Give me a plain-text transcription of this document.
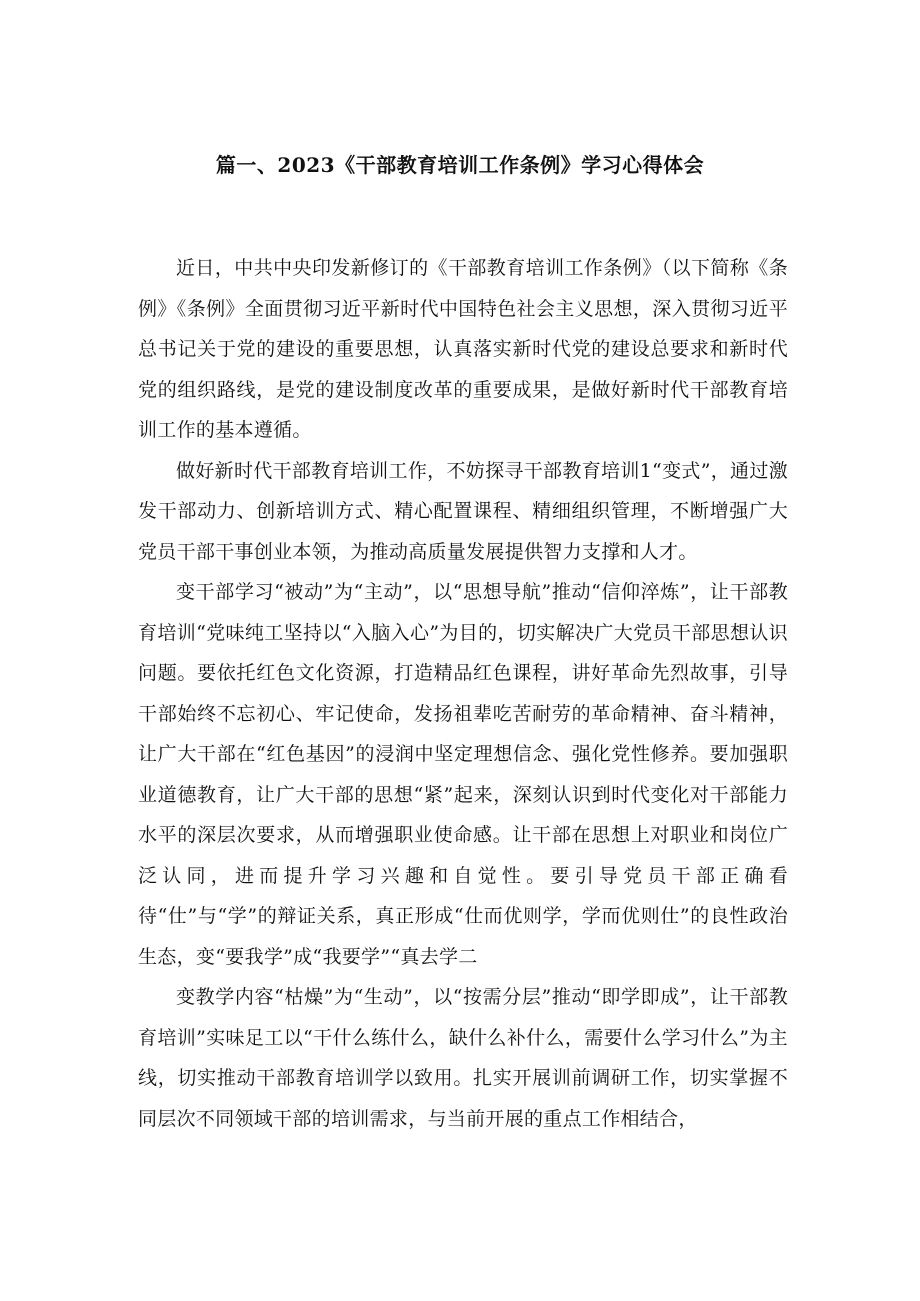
篇一、2023《干部教育培训工作条例》学习心得体会

近日，中共中央印发新修订的《干部教育培训工作条例》（以下简称《条例》《条例》全面贯彻习近平新时代中国特色社会主义思想，深入贯彻习近平总书记关于党的建设的重要思想，认真落实新时代党的建设总要求和新时代党的组织路线，是党的建设制度改革的重要成果，是做好新时代干部教育培训工作的基本遵循。

做好新时代干部教育培训工作，不妨探寻干部教育培训1“变式”，通过激发干部动力、创新培训方式、精心配置课程、精细组织管理，不断增强广大党员干部干事创业本领，为推动高质量发展提供智力支撑和人才。

变干部学习“被动”为“主动”，以“思想导航”推动“信仰淬炼”，让干部教育培训“党味纯工坚持以“入脑入心”为目的，切实解决广大党员干部思想认识问题。要依托红色文化资源，打造精品红色课程，讲好革命先烈故事，引导干部始终不忘初心、牢记使命，发扬祖辈吃苦耐劳的革命精神、奋斗精神，让广大干部在“红色基因”的浸润中坚定理想信念、强化党性修养。要加强职业道德教育，让广大干部的思想“紧”起来，深刻认识到时代变化对干部能力水平的深层次要求，从而增强职业使命感。让干部在思想上对职业和岗位广泛认同，进而提升学习兴趣和自觉性。要引导党员干部正确看待“仕”与“学”的辩证关系，真正形成“仕而优则学，学而优则仕”的良性政治生态，变“要我学”成“我要学”“真去学二

变教学内容“枯燥”为“生动”，以“按需分层”推动“即学即成”，让干部教育培训”实味足工以“干什么练什么，缺什么补什么，需要什么学习什么”为主线，切实推动干部教育培训学以致用。扎实开展训前调研工作，切实掌握不同层次不同领域干部的培训需求，与当前开展的重点工作相结合，
